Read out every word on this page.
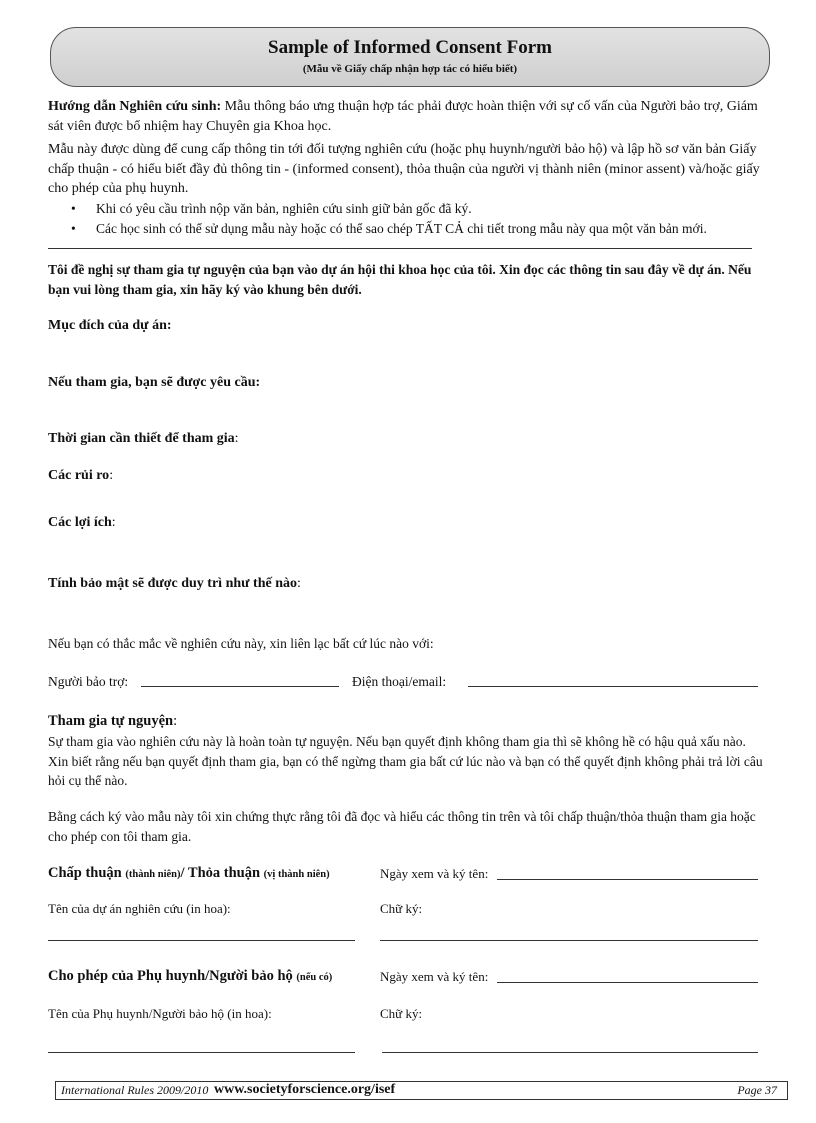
Sample of Informed Consent Form
(Mẫu về Giấy chấp nhận hợp tác có hiểu biết)
Hướng dẫn Nghiên cứu sinh: Mẫu thông báo ưng thuận hợp tác phải được hoàn thiện với sự cố vấn của Người bảo trợ, Giám sát viên được bổ nhiệm hay Chuyên gia Khoa học.
Mẫu này được dùng để cung cấp thông tin tới đối tượng nghiên cứu (hoặc phụ huynh/người bảo hộ) và lập hồ sơ văn bản Giấy chấp thuận - có hiểu biết đầy đủ thông tin - (informed consent), thỏa thuận của người vị thành niên (minor assent) và/hoặc giấy cho phép của phụ huynh.
• Khi có yêu cầu trình nộp văn bản, nghiên cứu sinh giữ bản gốc đã ký.
• Các học sinh có thể sử dụng mẫu này hoặc có thể sao chép TẤT CẢ chi tiết trong mẫu này qua một văn bản mới.
Tôi đề nghị sự tham gia tự nguyện của bạn vào dự án hội thi khoa học của tôi. Xin đọc các thông tin sau đây về dự án. Nếu bạn vui lòng tham gia, xin hãy ký vào khung bên dưới.
Mục đích của dự án:
Nếu tham gia, bạn sẽ được yêu cầu:
Thời gian cần thiết để tham gia:
Các rủi ro:
Các lợi ích:
Tính bảo mật sẽ được duy trì như thế nào:
Nếu bạn có thắc mắc về nghiên cứu này, xin liên lạc bất cứ lúc nào với:
Người bảo trợ:	Điện thoại/email:
Tham gia tự nguyện:
Sự tham gia vào nghiên cứu này là hoàn toàn tự nguyện. Nếu bạn quyết định không tham gia thì sẽ không hề có hậu quả xấu nào. Xin biết rằng nếu bạn quyết định tham gia, bạn có thể ngừng tham gia bất cứ lúc nào và bạn có thể quyết định không phải trả lời câu hỏi cụ thể nào.
Bằng cách ký vào mẫu này tôi xin chứng thực rằng tôi đã đọc và hiểu các thông tin trên và tôi chấp thuận/thỏa thuận tham gia hoặc cho phép con tôi tham gia.
Chấp thuận (thành niên)/ Thỏa thuận (vị thành niên)	Ngày xem và ký tên:
Tên của dự án nghiên cứu (in hoa):	Chữ ký:
Cho phép của Phụ huynh/Người bảo hộ (nếu có)	Ngày xem và ký tên:
Tên của Phụ huynh/Người bảo hộ (in hoa):	Chữ ký:
International Rules 2009/2010 www.societyforscience.org/isef	Page 37
